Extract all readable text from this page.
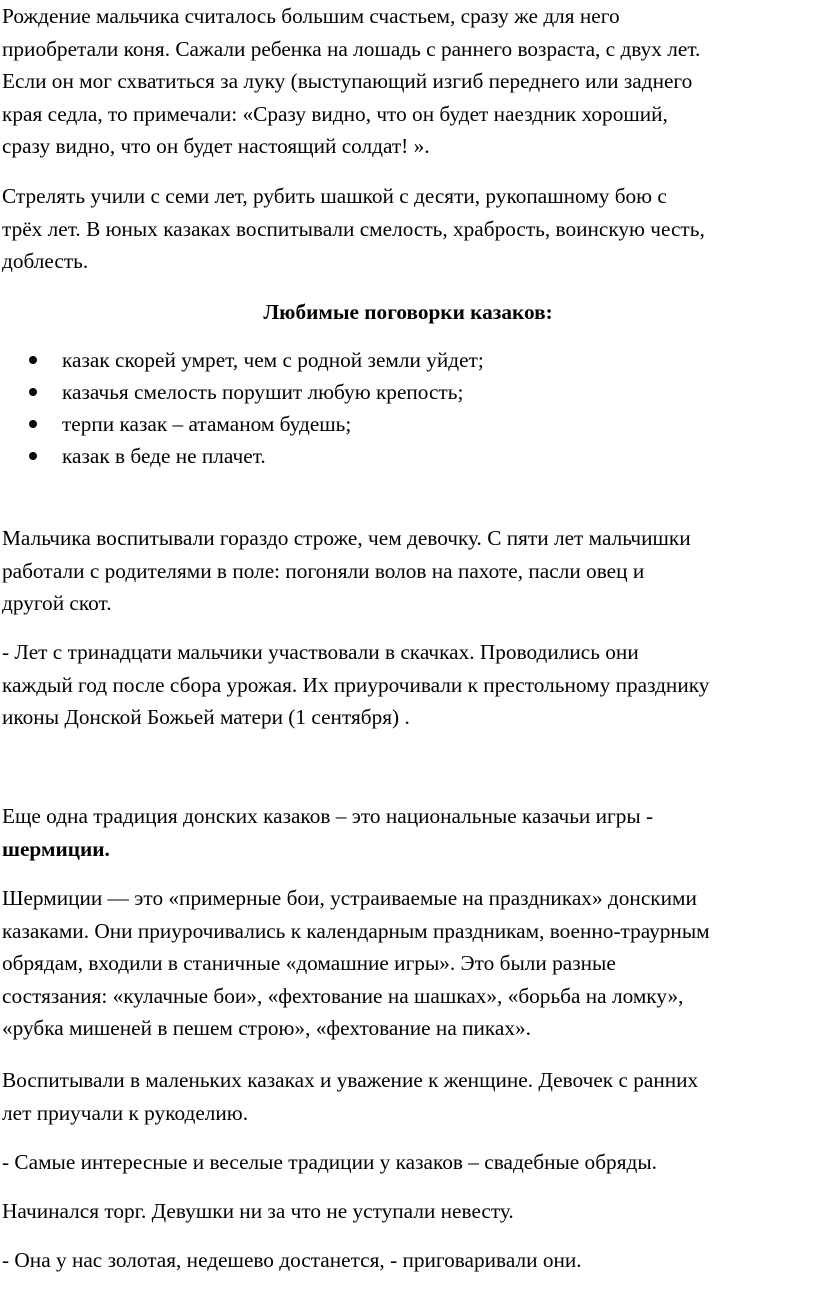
Рождение мальчика считалось большим счастьем, сразу же для него
приобретали коня. Сажали ребенка на лошадь с раннего возраста, с двух лет.
Если он мог схватиться за луку (выступающий изгиб переднего или заднего
края седла, то примечали: «Сразу видно, что он будет наездник хороший,
сразу видно, что он будет настоящий солдат! ».

Стрелять учили с семи лет, рубить шашкой с десяти, рукопашному бою с
трёх лет. В юных казаках воспитывали смелость, храбрость, воинскую честь,
доблесть.

Любимые поговорки казаков:

казак скорей умрет, чем с родной земли уйдет;
казачья смелость порушит любую крепость;
терпи казак – атаманом будешь;
казак в беде не плачет.

Мальчика воспитывали гораздо строже, чем девочку. С пяти лет мальчишки
работали с родителями в поле: погоняли волов на пахоте, пасли овец и
другой скот.

- Лет с тринадцати мальчики участвовали в скачках. Проводились они
каждый год после сбора урожая. Их приурочивали к престольному празднику
иконы Донской Божьей матери (1 сентября) .

Еще одна традиция донских казаков – это национальные казачьи игры -
шермиции.

Шермиции — это «примерные бои, устраиваемые на праздниках» донскими
казаками. Они приурочивались к календарным праздникам, военно-траурным
обрядам, входили в станичные «домашние игры». Это были разные
состязания: «кулачные бои», «фехтование на шашках», «борьба на ломку»,
«рубка мишеней в пешем строю», «фехтование на пиках».

Воспитывали в маленьких казаках и уважение к женщине. Девочек с ранних
лет приучали к рукоделию.

- Самые интересные и веселые традиции у казаков – свадебные обряды.

Начинался торг. Девушки ни за что не уступали невесту.

- Она у нас золотая, недешево достанется, - приговаривали они.
